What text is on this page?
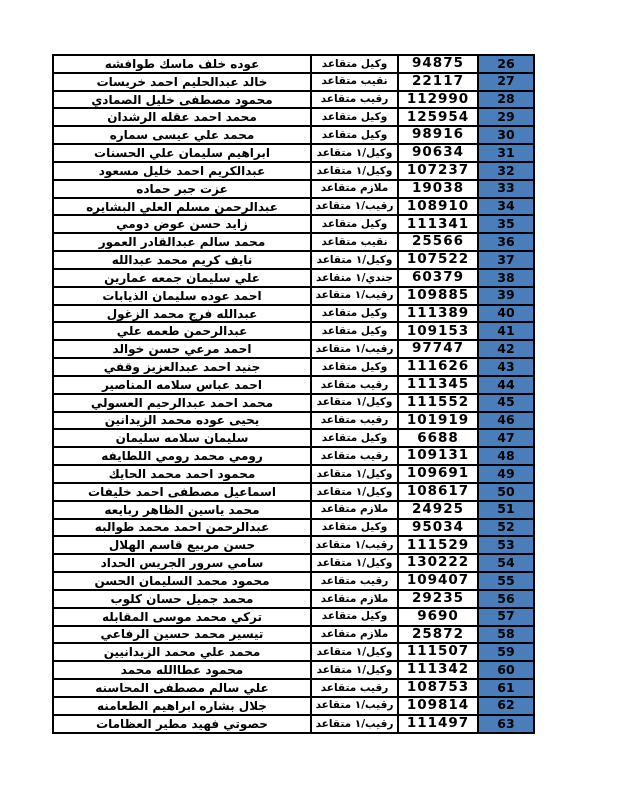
عوده خلف ماسك طوافشه	وكيل متقاعد	94875	26
خالد عبدالحليم احمد خريسات	نقيب متقاعد	22117	27
محمود مصطفى خليل الصمادي	رقيب متقاعد	112990	28
محمد احمد عقله الرشدان	وكيل متقاعد	125954	29
محمد علي عيسى سماره	وكيل متقاعد	98916	30
ابراهيم سليمان علي الحسنات	وكيل/١ متقاعد	90634	31
عبدالكريم احمد خليل مسعود	وكيل/١ متقاعد	107237	32
عزت جبر حماده	ملازم متقاعد	19038	33
عبدالرحمن مسلم العلي البشايره	رقيب/١ متقاعد	108910	34
زايد حسن عوض دومي	وكيل متقاعد	111341	35
محمد سالم عبدالقادر العمور	نقيب متقاعد	25566	36
نايف كريم محمد عبدالله	وكيل/١ متقاعد	107522	37
علي سليمان جمعه عمارين	جندي/١ متقاعد	60379	38
احمد عوده سليمان الذيابات	رقيب/١ متقاعد	109885	39
عبدالله فرج محمد الزغول	وكيل متقاعد	111389	40
عبدالرحمن طعمه علي	وكيل متقاعد	109153	41
احمد مرعي حسن خوالد	رقيب/١ متقاعد	97747	42
جنيد احمد عبدالعزيز وقفي	وكيل متقاعد	111626	43
احمد عباس سلامه المناصير	رقيب متقاعد	111345	44
محمد احمد عبدالرحيم العسولي	وكيل/١ متقاعد	111552	45
يحيى عوده محمد الزيدانين	رقيب متقاعد	101919	46
سليمان سلامه سليمان	وكيل متقاعد	6688	47
رومي محمد رومي اللطايفه	رقيب متقاعد	109131	48
محمود احمد محمد الحايك	وكيل/١ متقاعد	109691	49
اسماعيل مصطفى احمد خليفات	وكيل/١ متقاعد	108617	50
محمد ياسين الظاهر ربايعه	ملازم متقاعد	24925	51
عبدالرحمن احمد محمد طوالبه	وكيل متقاعد	95034	52
حسن مربيع قاسم الهلال	رقيب/١ متقاعد	111529	53
سامي سرور الجريس الحداد	وكيل/١ متقاعد	130222	54
محمود محمد السليمان الحسن	رقيب متقاعد	109407	55
محمد جميل حسان كلوب	ملازم متقاعد	29235	56
تركي محمد موسى المقابله	وكيل متقاعد	9690	57
تيسير محمد حسين الرفاعي	ملازم متقاعد	25872	58
محمد علي محمد الزيدانيين	وكيل/١ متقاعد	111507	59
محمود عطاالله محمد	وكيل/١ متقاعد	111342	60
علي سالم مصطفى المحاسنه	رقيب متقاعد	108753	61
جلال بشاره ابراهيم الطعامنه	رقيب/١ متقاعد	109814	62
حصوتي فهيد مطير العظامات	رقيب/١ متقاعد	111497	63
